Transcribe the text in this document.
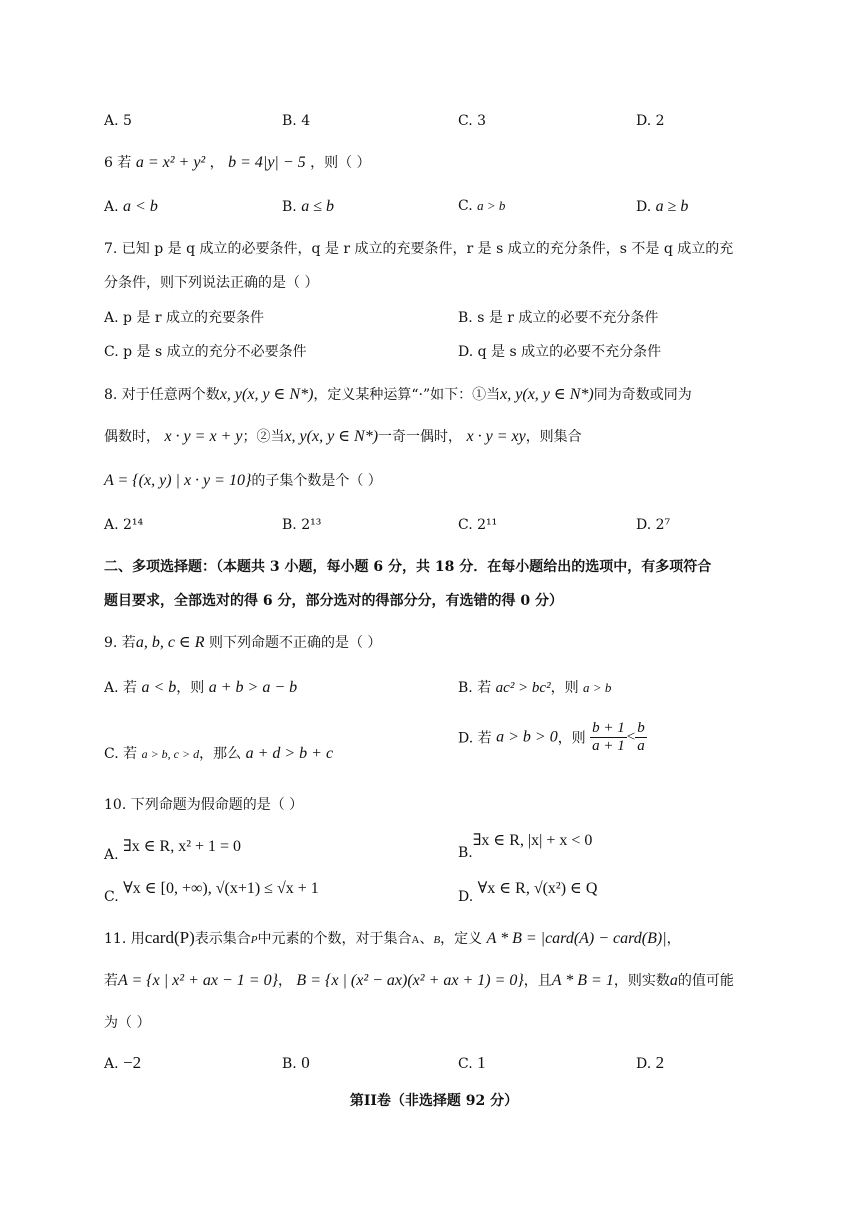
A. 5	B. 4	C. 3	D. 2
6 若 a = x² + y² ， b = 4|y| − 5 ，则（ ）
A. a < b	B. a ≤ b	C. a > b	D. a ≥ b
7. 已知 p 是 q 成立的必要条件，q 是 r 成立的充要条件，r 是 s 成立的充分条件，s 不是 q 成立的充
分条件，则下列说法正确的是（ ）
A. p 是 r 成立的充要条件	B. s 是 r 成立的必要不充分条件
C. p 是 s 成立的充分不必要条件	D. q 是 s 成立的必要不充分条件
8. 对于任意两个数x, y(x, y ∈ N*)，定义某种运算“·”如下：①当x, y(x, y ∈ N*)同为奇数或同为
偶数时， x · y = x + y；②当x, y(x, y ∈ N*)一奇一偶时， x · y = xy，则集合
A = {(x, y) | x · y = 10}的子集个数是个（ ）
A. 2¹⁴	B. 2¹³	C. 2¹¹	D. 2⁷
二、多项选择题：（本题共 3 小题，每小题 6 分，共 18 分．在每小题给出的选项中，有多项符合
题目要求，全部选对的得 6 分，部分选对的得部分分，有选错的得 0 分）
9. 若a, b, c ∈ R 则下列命题不正确的是（ ）
A. 若 a < b，则 a + b > a − b	B. 若 ac² > bc²，则 a > b
C. 若 a > b, c > d，那么 a + d > b + c
D. 若 a > b > 0，则 $\frac{b + 1}{a + 1} < \frac{b}{a}$
10. 下列命题为假命题的是（ ）
A. ∃x ∈ R, x² + 1 = 0	B.∃x ∈ R, |x| + x < 0
C. ∀x ∈ [0, +∞), √(x+1) ≤ √x + 1	D. ∀x ∈ R, √(x²) ∈ Q
11. 用card(P)表示集合P中元素的个数，对于集合A、B，定义 A * B = |card(A) − card(B)|，
若A = {x | x² + ax − 1 = 0}， B = {x | (x² − ax)(x² + ax + 1) = 0}，且A * B = 1，则实数a的值可能
为（ ）
A. −2	B. 0	C. 1	D. 2
第II卷（非选择题 92 分）
